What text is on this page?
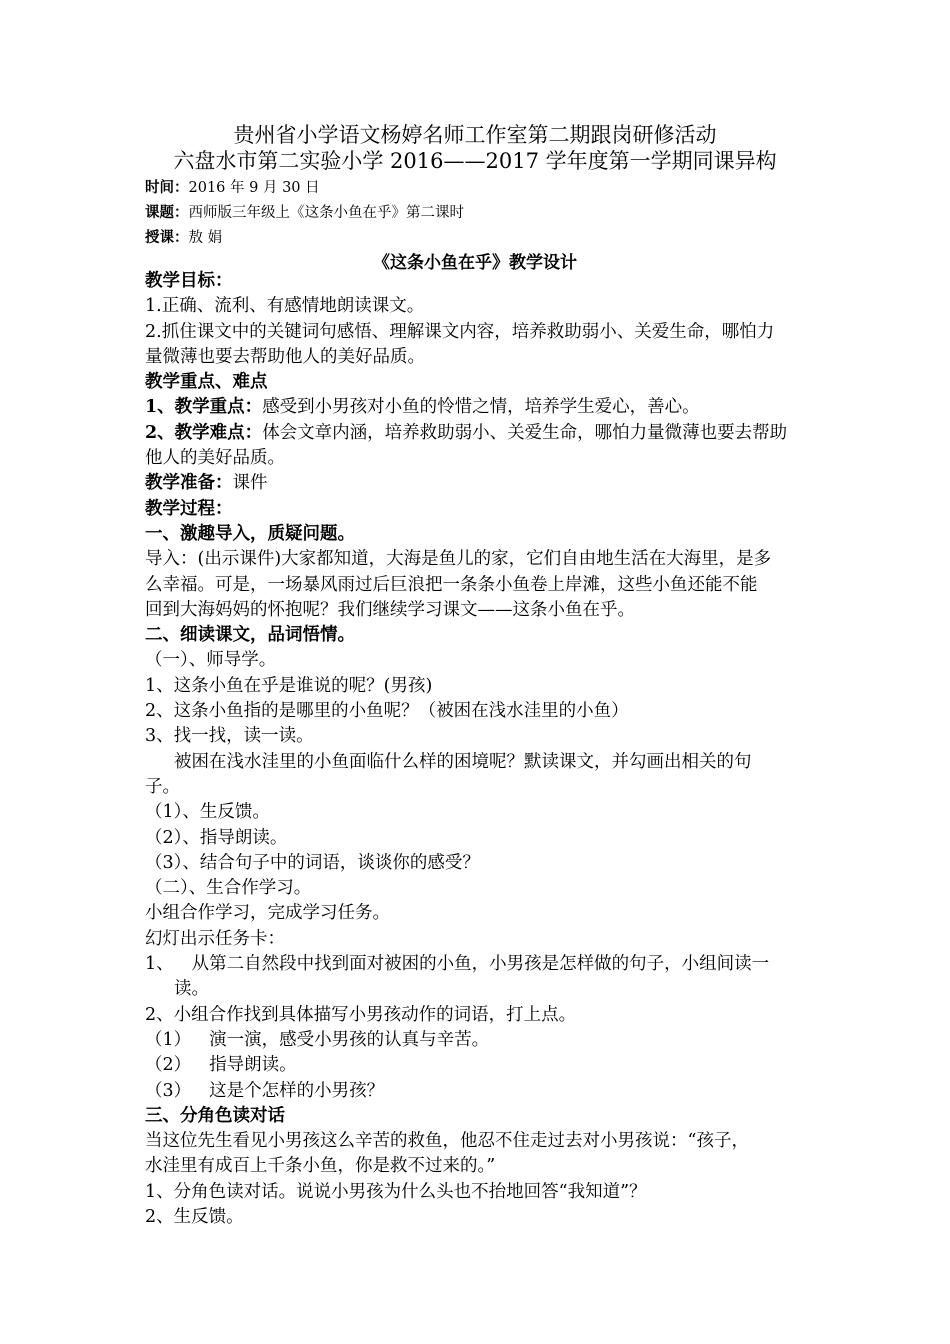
贵州省小学语文杨婷名师工作室第二期跟岗研修活动
六盘水市第二实验小学 2016——2017 学年度第一学期同课异构
时间：2016 年 9 月 30 日
课题：西师版三年级上《这条小鱼在乎》第二课时
授课：敖 娟
《这条小鱼在乎》教学设计
教学目标：
1.正确、流利、有感情地朗读课文。
2.抓住课文中的关键词句感悟、理解课文内容，培养救助弱小、关爱生命，哪怕力
量微薄也要去帮助他人的美好品质。
教学重点、难点
1、教学重点：感受到小男孩对小鱼的怜惜之情，培养学生爱心，善心。
2、教学难点：体会文章内涵，培养救助弱小、关爱生命，哪怕力量微薄也要去帮助
他人的美好品质。
教学准备：课件
教学过程：
一、激趣导入，质疑问题。
导入：(出示课件)大家都知道，大海是鱼儿的家，它们自由地生活在大海里，是多
么幸福。可是，一场暴风雨过后巨浪把一条条小鱼卷上岸滩，这些小鱼还能不能
回到大海妈妈的怀抱呢？我们继续学习课文——这条小鱼在乎。
二、细读课文，品词悟情。
（一）、师导学。
1、这条小鱼在乎是谁说的呢？(男孩)
2、这条小鱼指的是哪里的小鱼呢？（被困在浅水洼里的小鱼）
3、找一找，读一读。
被困在浅水洼里的小鱼面临什么样的困境呢？默读课文，并勾画出相关的句
子。
（1）、生反馈。
（2）、指导朗读。
（3）、结合句子中的词语，谈谈你的感受？
（二）、生合作学习。
小组合作学习，完成学习任务。
幻灯出示任务卡：
1、 从第二自然段中找到面对被困的小鱼，小男孩是怎样做的句子，小组间读一
读。
2、小组合作找到具体描写小男孩动作的词语，打上点。
（1） 演一演，感受小男孩的认真与辛苦。
（2） 指导朗读。
（3） 这是个怎样的小男孩？
三、分角色读对话
当这位先生看见小男孩这么辛苦的救鱼，他忍不住走过去对小男孩说：“孩子，
水洼里有成百上千条小鱼，你是救不过来的。”
1、分角色读对话。说说小男孩为什么头也不抬地回答“我知道”？
2、生反馈。
